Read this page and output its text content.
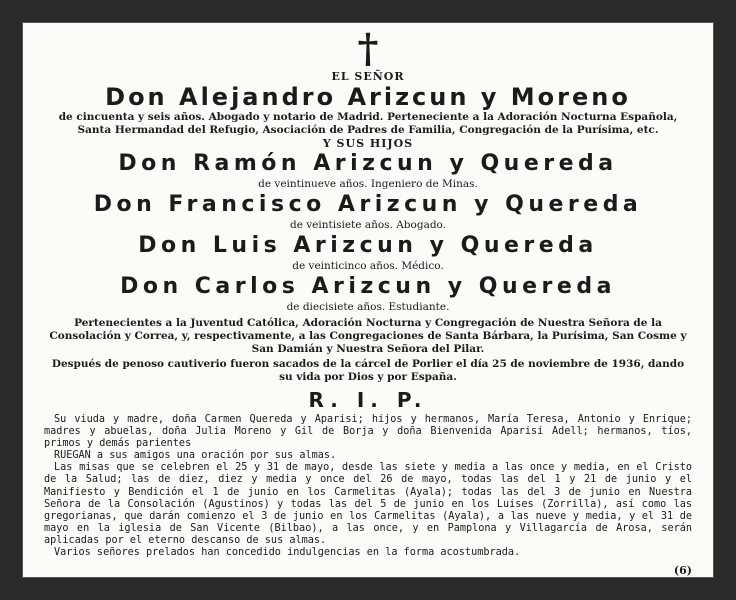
†
EL SEÑOR
Don Alejandro Arizcun y Moreno
de cincuenta y seis años. Abogado y notario de Madrid. Perteneciente a la Adoración Nocturna Española, Santa Hermandad del Refugio, Asociación de Padres de Familia, Congregación de la Purísima, etc.
Y SUS HIJOS
Don Ramón Arizcun y Quereda
de veintinueve años. Ingeniero de Minas.
Don Francisco Arizcun y Quereda
de veintisiete años. Abogado.
Don Luis Arizcun y Quereda
de veinticinco años. Médico.
Don Carlos Arizcun y Quereda
de diecisiete años. Estudiante.
Pertenecientes a la Juventud Católica, Adoración Nocturna y Congregación de Nuestra Señora de la Consolación y Correa, y, respectivamente, a las Congregaciones de Santa Bárbara, la Purísima, San Cosme y San Damián y Nuestra Señora del Pilar.
Después de penoso cautiverio fueron sacados de la cárcel de Porlier el día 25 de noviembre de 1936, dando su vida por Dios y por España.
R. I. P.
Su viuda y madre, doña Carmen Quereda y Aparisi; hijos y hermanos, María Teresa, Antonio y Enrique; madres y abuelas, doña Julia Moreno y Gil de Borja y doña Bienvenida Aparisi Adell; hermanos, tíos, primos y demás parientes
RUEGAN a sus amigos una oración por sus almas.
Las misas que se celebren el 25 y 31 de mayo, desde las siete y media a las once y media, en el Cristo de la Salud; las de diez, diez y media y once del 26 de mayo, todas las del 1 y 21 de junio y el Manifiesto y Bendición el 1 de junio en los Carmelitas (Ayala); todas las del 3 de junio en Nuestra Señora de la Consolación (Agustinos) y todas las del 5 de junio en los Luises (Zorrilla), así como las gregorianas, que darán comienzo el 3 de junio en los Carmelitas (Ayala), a las nueve y media, y el 31 de mayo en la iglesia de San Vicente (Bilbao), a las once, y en Pamplona y Villagarcía de Arosa, serán aplicadas por el eterno descanso de sus almas.
Varios señores prelados han concedido indulgencias en la forma acostumbrada.
(6)
